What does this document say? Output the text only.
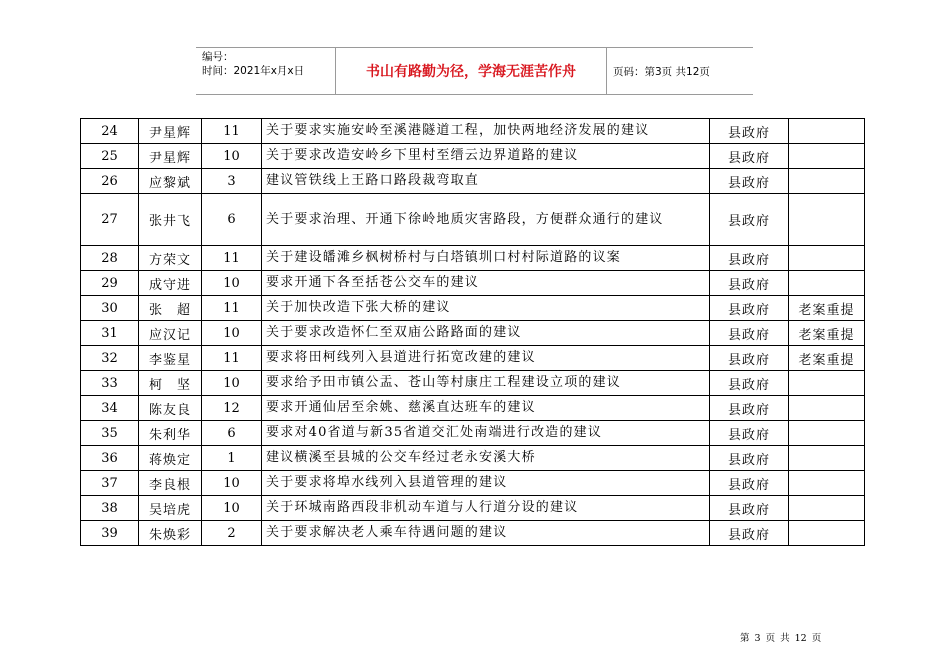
编号：
时间：2021年x月x日	书山有路勤为径，学海无涯苦作舟	页码：第3页 共12页
24	尹星辉	11	关于要求实施安岭至溪港隧道工程，加快两地经济发展的建议	县政府	
25	尹星辉	10	关于要求改造安岭乡下里村至缙云边界道路的建议	县政府	
26	应黎斌	3	建议管铁线上王路口路段裁弯取直	县政府	
27	张井飞	6	关于要求治理、开通下徐岭地质灾害路段，方便群众通行的建议	县政府	
28	方荣文	11	关于建设皤滩乡枫树桥村与白塔镇圳口村村际道路的议案	县政府	
29	成守进	10	要求开通下各至括苍公交车的建议	县政府	
30	张　超	11	关于加快改造下张大桥的建议	县政府	老案重提
31	应汉记	10	关于要求改造怀仁至双庙公路路面的建议	县政府	老案重提
32	李鉴星	11	要求将田柯线列入县道进行拓宽改建的建议	县政府	老案重提
33	柯　坚	10	要求给予田市镇公盂、苍山等村康庄工程建设立项的建议	县政府	
34	陈友良	12	要求开通仙居至余姚、慈溪直达班车的建议	县政府	
35	朱利华	6	要求对40省道与新35省道交汇处南端进行改造的建议	县政府	
36	蒋焕定	1	建议横溪至县城的公交车经过老永安溪大桥	县政府	
37	李良根	10	关于要求将埠水线列入县道管理的建议	县政府	
38	吴培虎	10	关于环城南路西段非机动车道与人行道分设的建议	县政府	
39	朱焕彩	2	关于要求解决老人乘车待遇问题的建议	县政府	
第 3 页 共 12 页
